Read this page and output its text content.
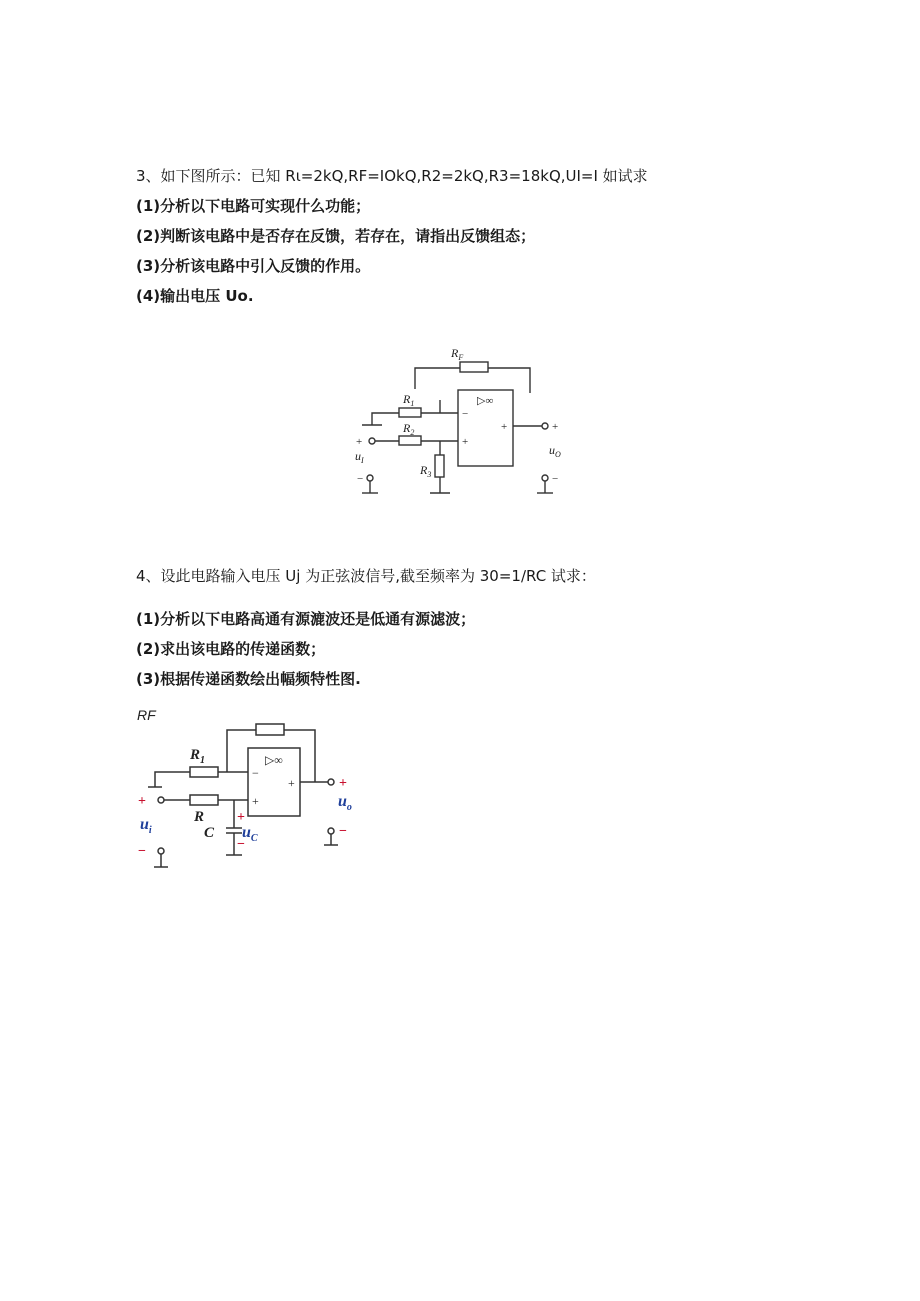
3、如下图所示：已知 Rι=2kQ,RF=IOkQ,R2=2kQ,R3=18kQ,UI=I 如试求
(1)分析以下电路可实现什么功能；
(2)判断该电路中是否存在反馈，若存在，请指出反馈组态；
(3)分析该电路中引入反馈的作用。
(4)输出电压 Uo.
$R_F$
$R_1$
$R_2$
$R_3$
$u_I$
$u_O$
▷∞
−
+
+
+
−
+
−
4、设此电路输入电压 Uj 为正弦波信号,截至频率为 30=1∕RC 试求：
(1)分析以下电路高通有源漉波还是低通有源滤波；
(2)求出该电路的传递函数；
(3)根据传递函数绘出幅频特性图.
RF
$R_1$
R
C
$u_o$
$u_i$	$u_C$
+
−
+
−
+
−
▷∞
−
+
+
